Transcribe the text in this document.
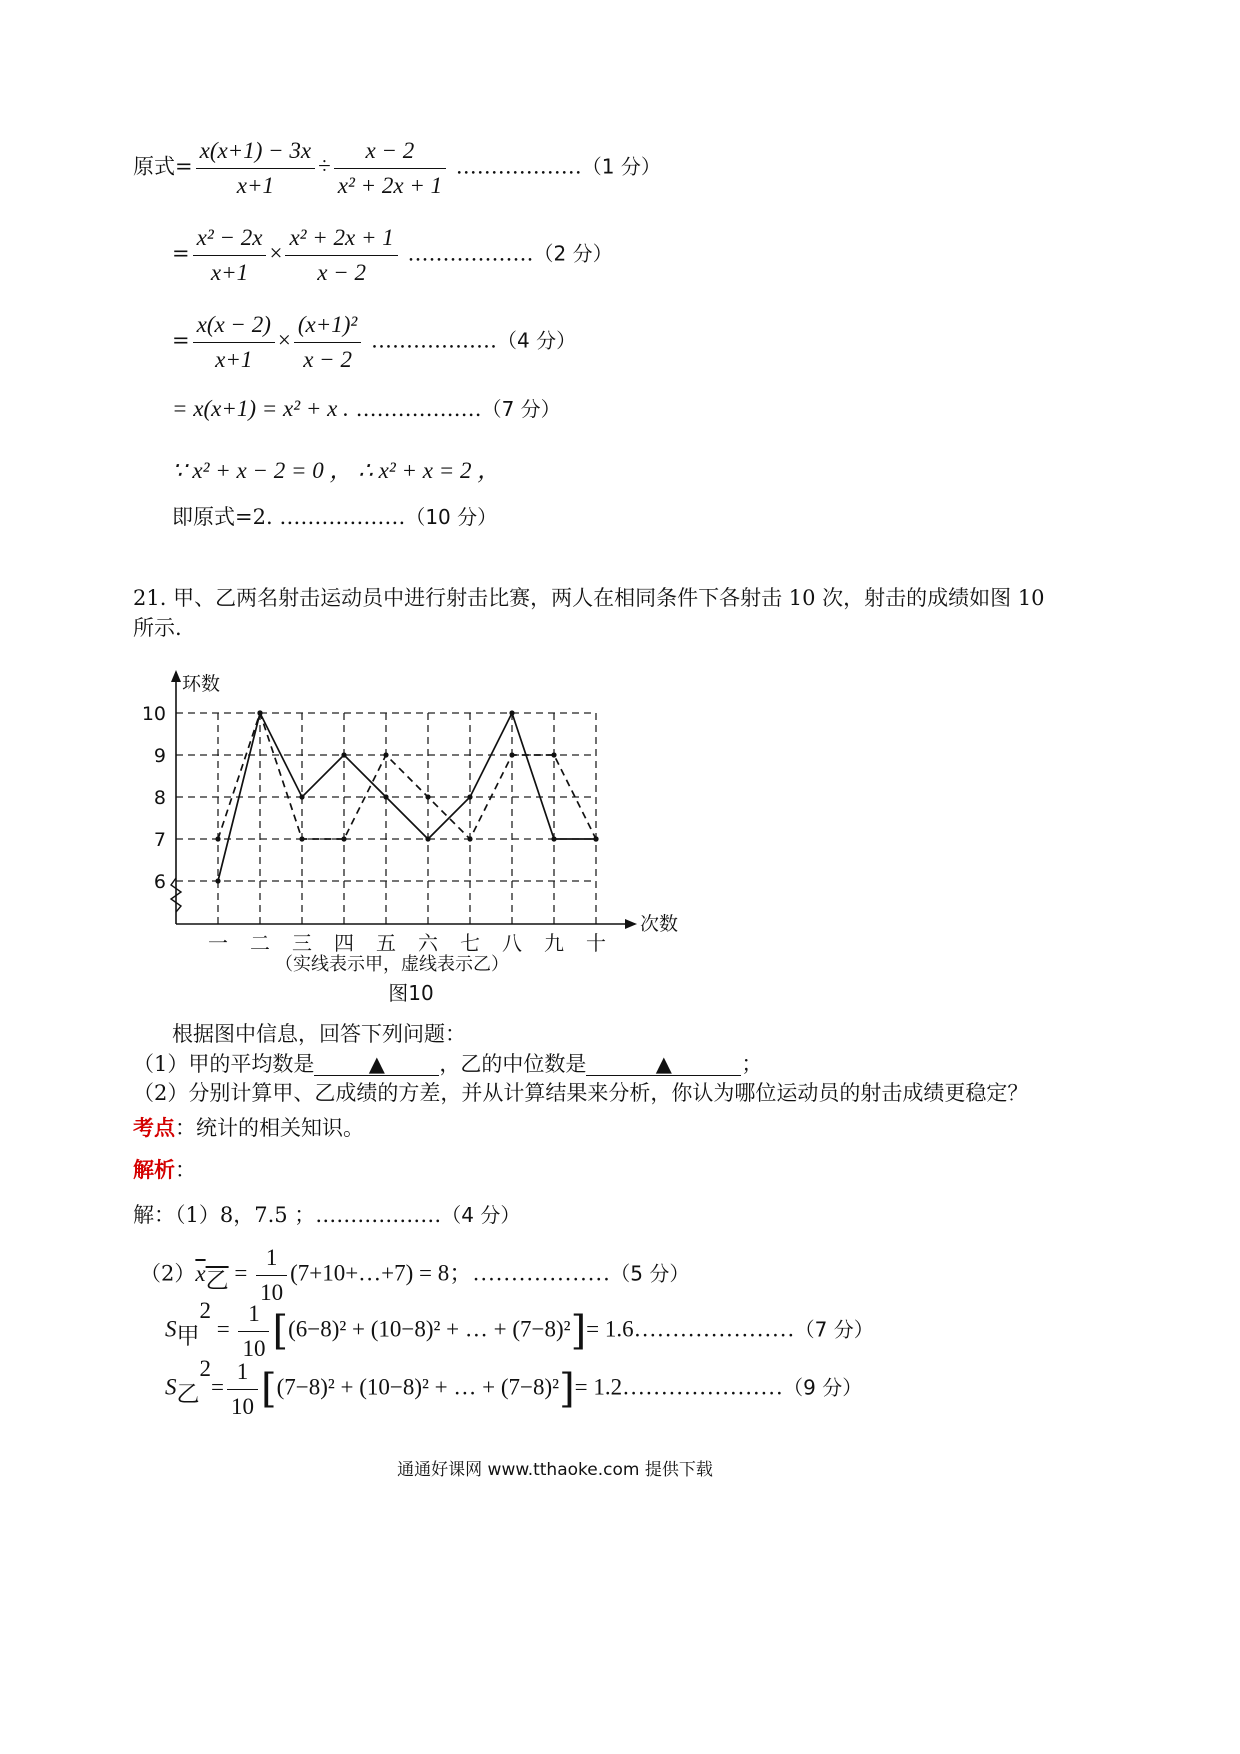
原式= $\frac{x(x+1) - 3x}{x+1} \div \frac{x - 2}{\text{x² + 2x + 1}}$ ………………（1 分）
= $\frac{\text{x² − 2x}}{x+1} \times \frac{\text{x² + 2x + 1}}{x - 2}$ ………………（2 分）
= $\frac{x(x - 2)}{x+1} \times \frac{\text{(x+1)²}}{x - 2}$ ………………（4 分）
= x(x+1) = x² + x . ………………（7 分）
∵ x² + x − 2 = 0 ， ∴ x² + x = 2 ，
即原式=2. ………………（10 分）
21. 甲、乙两名射击运动员中进行射击比赛，两人在相同条件下各射击 10 次，射击的成绩如图 10
所示.
环数
次数
6
7
8
9
10
一 二 三 四 五 六 七 八 九 十
（实线表示甲，虚线表示乙）
图10
根据图中信息，回答下列问题：
（1）甲的平均数是	▲	，乙的中位数是	▲	；
（2）分别计算甲、乙成绩的方差，并从计算结果来分析，你认为哪位运动员的射击成绩更稳定？
考点：统计的相关知识。
解析：
解：（1）8，7.5 ；………………（4 分）
$(2)x_乙 = \frac{1}{10}$ (7+10+…+7) = 8；………………（5 分）
$S_甲^2 = \frac{1}{10} [(6-8)^2 + (10-8)^2$ + … + (7−8)²]= 1.6…………………（7 分）
$S_乙^2= \frac{1}{10} [(7-8)^2 + (10-8)^2$ + … + (7−8)²]= 1.2…………………（9 分）
通通好课网 www.tthaoke.com 提供下载
